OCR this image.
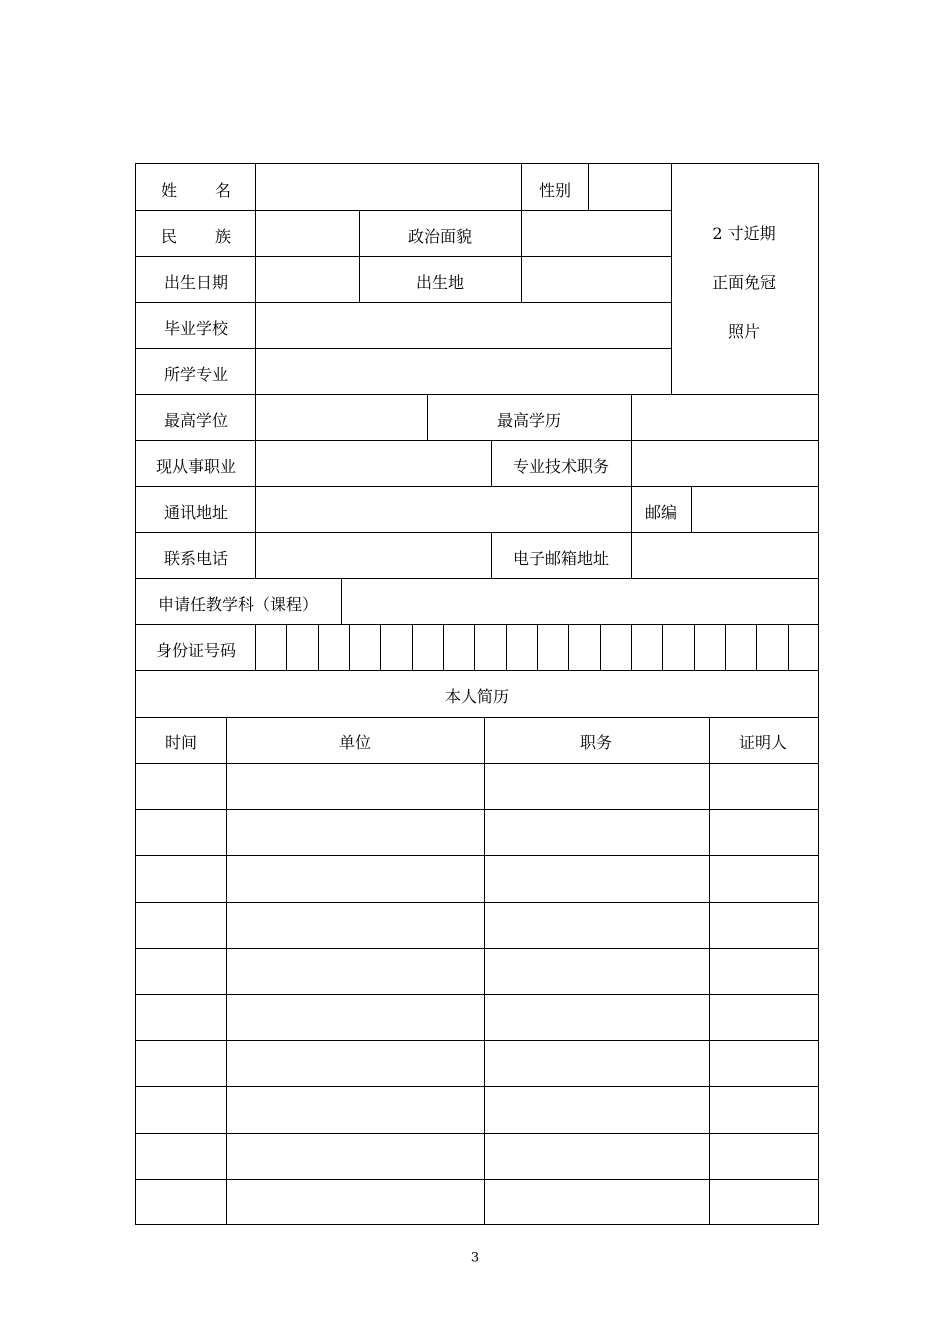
姓 名	性别
2 寸近期
正面免冠
照片
民 族	政治面貌
出生日期	出生地
毕业学校
所学专业
最高学位	最高学历
现从事职业	专业技术职务
通讯地址	邮编
联系电话	电子邮箱地址
申请任教学科（课程）
身份证号码
本人简历
时间	单位	职务	证明人
3
